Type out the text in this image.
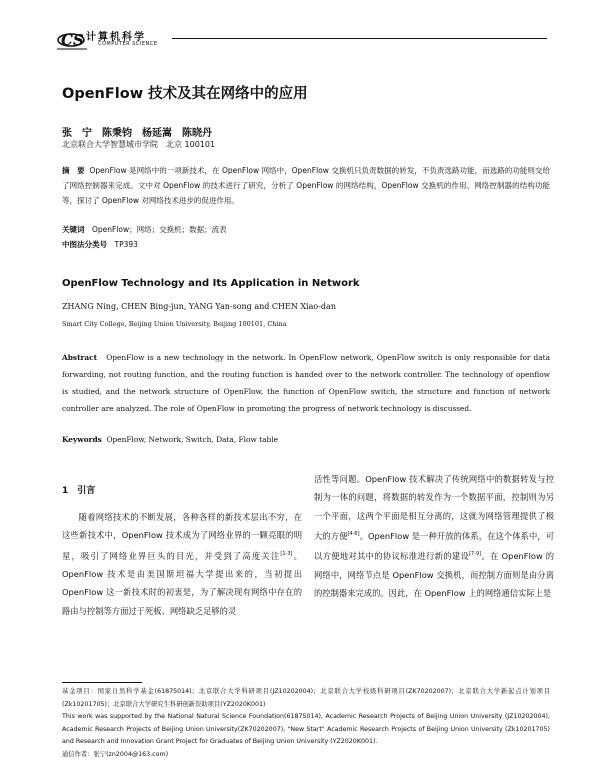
CS 计算机科学
COMPUTER SCIENCE
OpenFlow 技术及其在网络中的应用
张　宁　陈秉钧　杨延嵩　陈晓丹
北京联合大学智慧城市学院　北京 100101
摘　要 OpenFlow 是网络中的一项新技术，在 OpenFlow 网络中，OpenFlow 交换机只负责数据的转发，不负责选路功能，而选路的功能则交给了网络控制器来完成。文中对 OpenFlow 的技术进行了研究，分析了 OpenFlow 的网络结构，OpenFlow 交换机的作用、网络控制器的结构功能等，探讨了 OpenFlow 对网络技术进步的促进作用。
关键词　 OpenFlow；网络；交换机；数据；流表
中图法分类号　 TP393
OpenFlow Technology and Its Application in Network
ZHANG Ning, CHEN Bing-jun, YANG Yan-song and CHEN Xiao-dan
Smart City College, Beijing Union University, Beijing 100101, China
Abstract OpenFlow is a new technology in the network. In OpenFlow network, OpenFlow switch is only responsible for data forwarding, not routing function, and the routing function is handed over to the network controller. The technology of openflow is studied, and the network structure of OpenFlow, the function of OpenFlow switch, the structure and function of network controller are analyzed. The role of OpenFlow in promoting the progress of network technology is discussed.
Keywords OpenFlow, Network, Switch, Data, Flow table
1　引言

随着网络技术的不断发展，各种各样的新技术层出不穷，在这些新技术中，OpenFlow 技术成为了网络业界的一颗亮眼的明星，吸引了网络业界巨头的目光，并受到了高度关注[1-3]。OpenFlow 技术是由美国斯坦福大学提出来的，当初提出 OpenFlow 这一新技术时的初衷是，为了解决现有网络中存在的路由与控制等方面过于死板、网络缺乏足够的灵

活性等问题。OpenFlow 技术解决了传统网络中的数据转发与控制为一体的问题，将数据的转发作为一个数据平面，控制则为另一个平面，这两个平面是相互分离的，这就为网络管理提供了极大的方便[4-6]。OpenFlow 是一种开放的体系，在这个体系中，可以方便地对其中的协议标准进行新的建设[7-9]。在 OpenFlow 的网络中，网络节点是 OpenFlow 交换机，而控制方面则是由分离的控制器来完成的。因此，在 OpenFlow 上的网络通信实际上是

基金项目：国家自然科学基金(61875014)；北京联合大学科研项目(JZ10202004)；北京联合大学校级科研项目(ZK70202007)；北京联合大学新起点计划项目(Zk10201705)；北京联合大学研究生科研创新资助项目(YZ2020K001)

This work was supported by the National Natural Science Foundation(61875014), Academic Research Projects of Beijing Union University (JZ10202004), Academic Research Projects of Beijing Union University(ZK70202007), "New Start" Academic Research Projects of Beijing Union University (Zk10201705) and Research and Innovation Grant Project for Graduates of Beijing Union University (YZ2020K001).

通信作者：张宁(zn2004@163.com)
